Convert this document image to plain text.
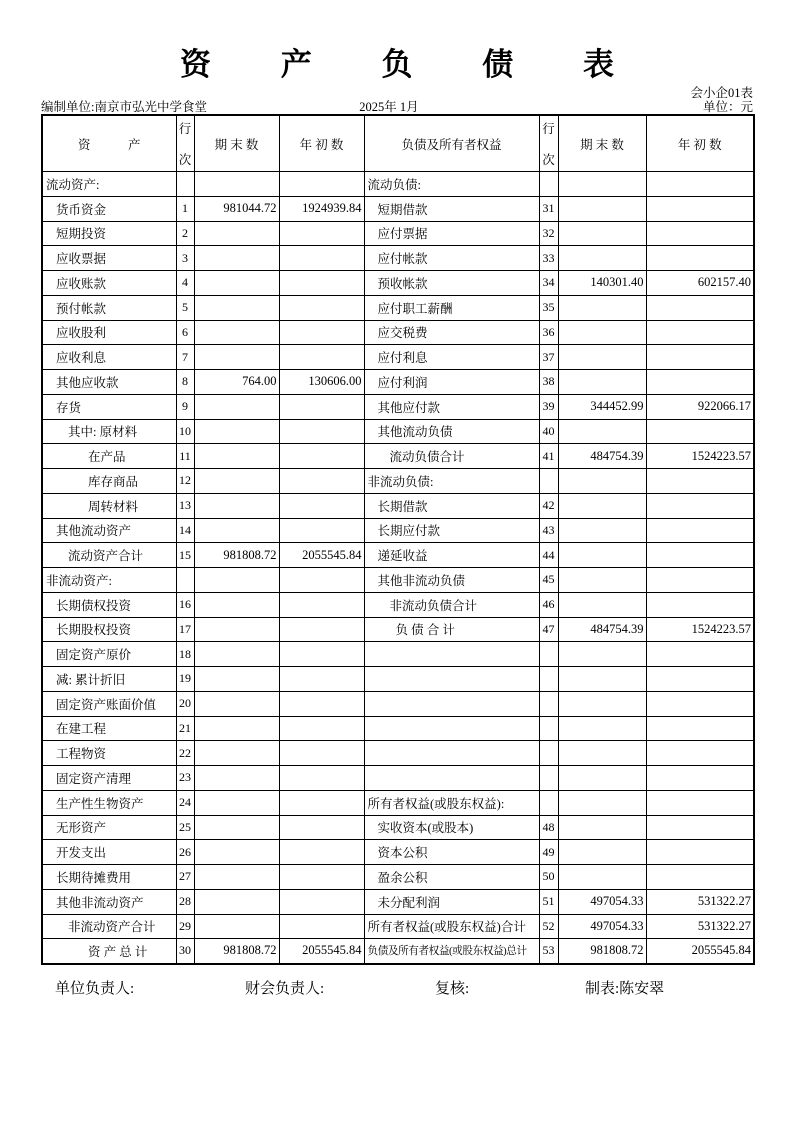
资 产 负 债 表
会小企01表
编制单位:南京市弘光中学食堂	2025年 1月	单位：元
资　　　产	行
次	期 末 数	年 初 数	负债及所有者权益	行
次	期 末 数	年 初 数
流动资产:				流动负债:			
货币资金	1	981044.72	1924939.84	短期借款	31		
短期投资	2			应付票据	32		
应收票据	3			应付帐款	33		
应收账款	4			预收帐款	34	140301.40	602157.40
预付帐款	5			应付职工薪酬	35		
应收股利	6			应交税费	36		
应收利息	7			应付利息	37		
其他应收款	8	764.00	130606.00	应付利润	38		
存货	9			其他应付款	39	344452.99	922066.17
其中: 原材料	10			其他流动负债	40		
在产品	11			流动负债合计	41	484754.39	1524223.57
库存商品	12			非流动负债:			
周转材料	13			长期借款	42		
其他流动资产	14			长期应付款	43		
流动资产合计	15	981808.72	2055545.84	递延收益	44		
非流动资产:				其他非流动负债	45		
长期债权投资	16			非流动负债合计	46		
长期股权投资	17			负 债 合 计	47	484754.39	1524223.57
固定资产原价	18						
减: 累计折旧	19						
固定资产账面价值	20						
在建工程	21						
工程物资	22						
固定资产清理	23						
生产性生物资产	24			所有者权益(或股东权益):			
无形资产	25			实收资本(或股本)	48		
开发支出	26			资本公积	49		
长期待摊费用	27			盈余公积	50		
其他非流动资产	28			未分配利润	51	497054.33	531322.27
非流动资产合计	29			所有者权益(或股东权益)合计	52	497054.33	531322.27
资 产 总 计	30	981808.72	2055545.84	负债及所有者权益(或股东权益)总计	53	981808.72	2055545.84
单位负责人:	财会负责人:	复核:	制表:陈安翠
